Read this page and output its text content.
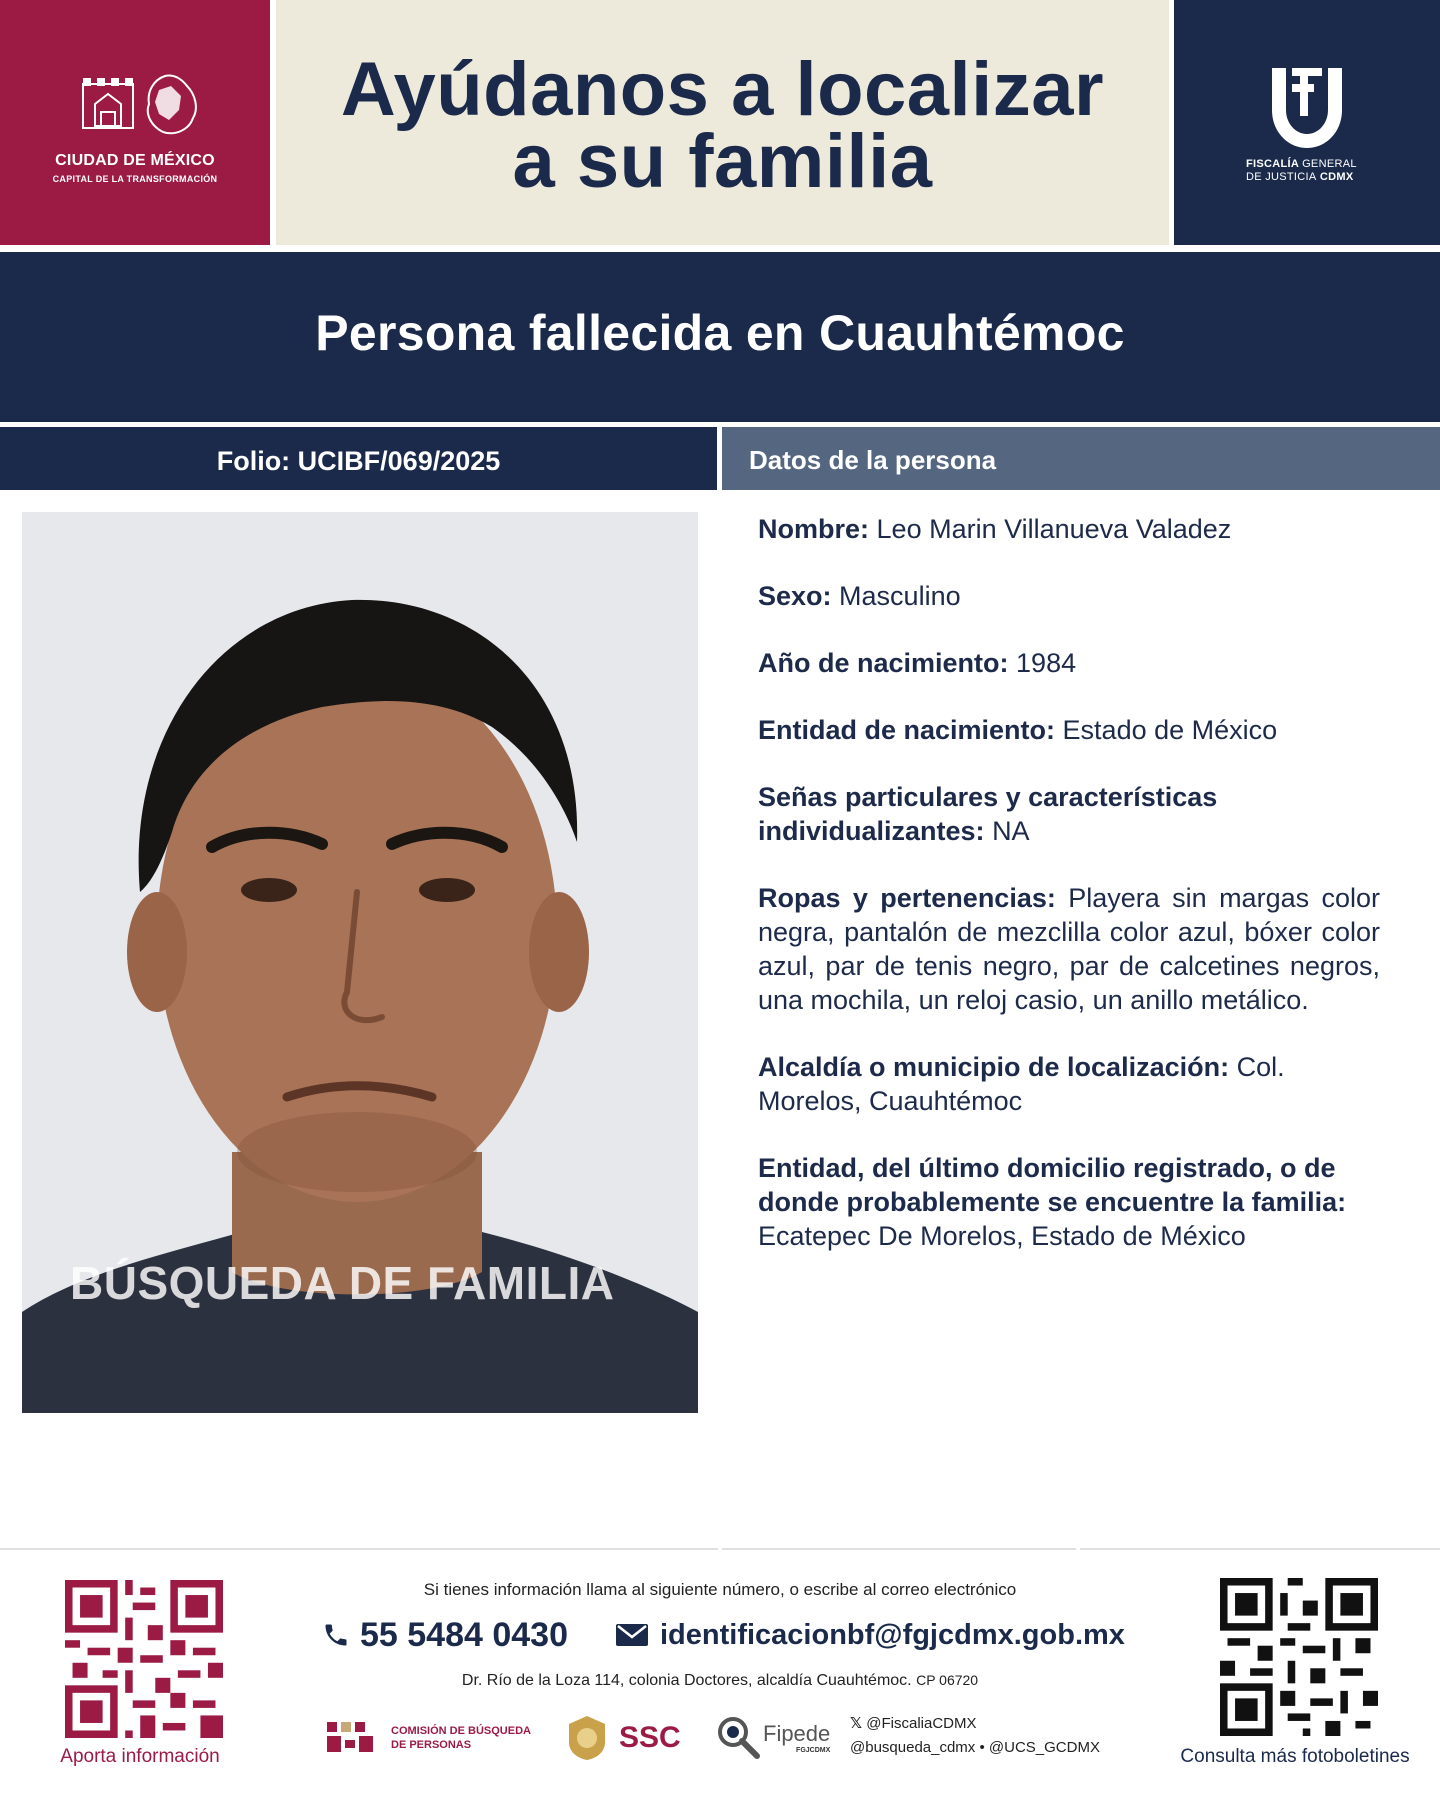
CIUDAD DE MÉXICO
CAPITAL DE LA TRANSFORMACIÓN
Ayúdanos a localizar
a su familia	FISCALÍA GENERAL
DE JUSTICIA CDMX
Persona fallecida en Cuauhtémoc
Folio: UCIBF/069/2025	Datos de la persona
BÚSQUEDA DE FAMILIA
Nombre: Leo Marin Villanueva Valadez
Sexo: Masculino
Año de nacimiento: 1984
Entidad de nacimiento: Estado de México
Señas particulares y características individualizantes: NA
Ropas y pertenencias: Playera sin margas color negra, pantalón de mezclilla color azul, bóxer color azul, par de tenis negro, par de calcetines negros, una mochila, un reloj casio, un anillo metálico.
Alcaldía o municipio de localización: Col. Morelos, Cuauhtémoc
Entidad, del último domicilio registrado, o de donde probablemente se encuentre la familia: Ecatepec De Morelos, Estado de México
Aporta información
Si tienes información llama al siguiente número, o escribe al correo electrónico
55 5484 0430	identificacionbf@fgjcdmx.gob.mx
Dr. Río de la Loza 114, colonia Doctores, alcaldía Cuauhtémoc. CP 06720
COMISIÓN DE BÚSQUEDA
DE PERSONAS	SSC	Fipede
FGJCDMX
𝕏 @FiscaliaCDMX
@busqueda_cdmx • @UCS_GCDMX	Consulta más fotoboletines
